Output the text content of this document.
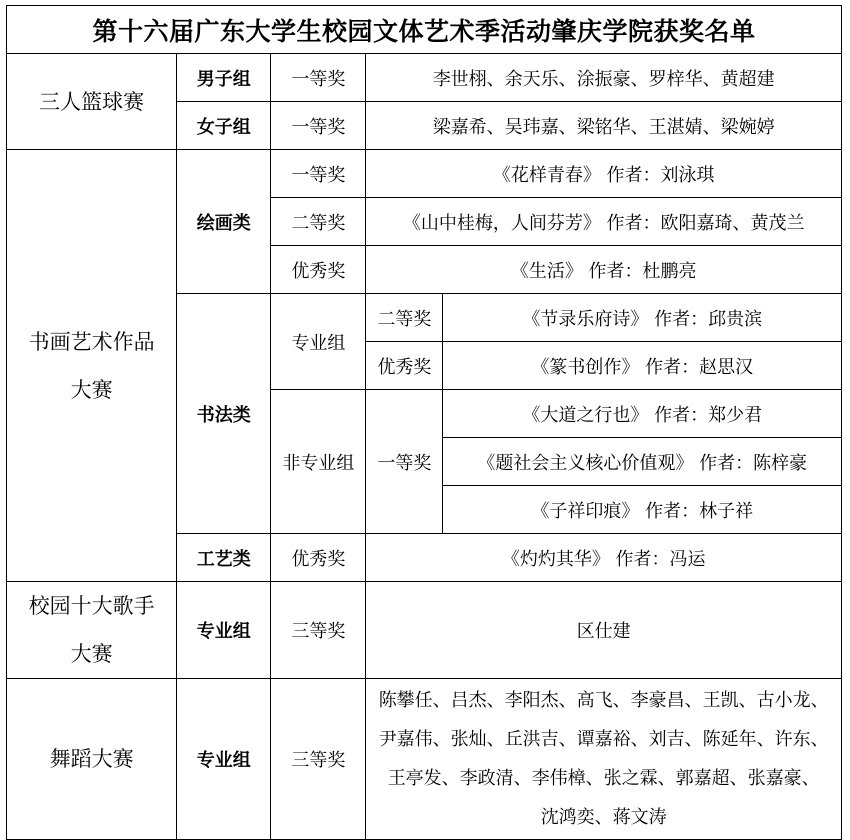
第十六届广东大学生校园文体艺术季活动肇庆学院获奖名单				
三人篮球赛	男子组	一等奖	李世栩、余天乐、涂振豪、罗梓华、黄超建	
	女子组	一等奖	梁嘉希、吴玮嘉、梁铭华、王湛婧、梁婉婷	

书画艺术作品
大赛	绘画类	一等奖	《花样青春》 作者：刘泳琪	
		二等奖	《山中桂梅，人间芬芳》 作者：欧阳嘉琦、黄茂兰	
		优秀奖	《生活》 作者：杜鹏亮	
	书法类	专业组	二等奖	《节录乐府诗》 作者：邱贵滨
			优秀奖	《篆书创作》 作者：赵思汉
		非专业组	一等奖	《大道之行也》 作者：郑少君
				《题社会主义核心价值观》 作者：陈梓豪
				《子祥印痕》 作者：林子祥
	工艺类	优秀奖	《灼灼其华》 作者：冯运	

校园十大歌手
大赛	专业组	三等奖	区仕建	
舞蹈大赛	专业组	三等奖	陈攀任、吕杰、李阳杰、高飞、李豪昌、王凯、古小龙、
尹嘉伟、张灿、丘洪吉、谭嘉裕、刘吉、陈延年、许东、
王亭发、李政清、李伟樟、张之霖、郭嘉超、张嘉豪、
沈鸿奕、蒋文涛	
